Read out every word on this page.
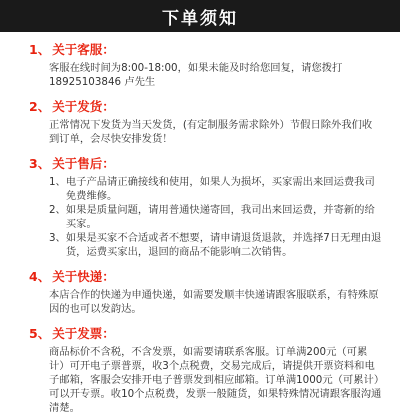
下单须知
1、 关于客服：
客服在线时间为8:00-18:00，如果未能及时给您回复，请您拨打18925103846 卢先生
2、 关于发货：
正常情况下发货为当天发货，(有定制服务需求除外）节假日除外我们收到订单，会尽快安排发货！
3、 关于售后：
1、 电子产品请正确接线和使用，如果人为损坏，买家需出来回运费我司免费维修。
2、 如果是质量问题，请用普通快递寄回，我司出来回运费，并寄新的给买家。
3、 如果是买家不合适或者不想要，请申请退货退款，并选择7日无理由退货，运费买家出，退回的商品不能影响二次销售。
4、 关于快递：
本店合作的快递为申通快递，如需要发顺丰快递请跟客服联系，有特殊原因的也可以发韵达。
5、 关于发票：
商品标价不含税，不含发票，如需要请联系客服。订单满200元（可累计）可开电子票普票，收3个点税费，交易完成后，请提供开票资料和电子邮箱，客服会安排开电子普票发到相应邮箱。订单满1000元（可累计）可以开专票。收10个点税费，发票一般随货，如果特殊情况请跟客服沟通清楚。
